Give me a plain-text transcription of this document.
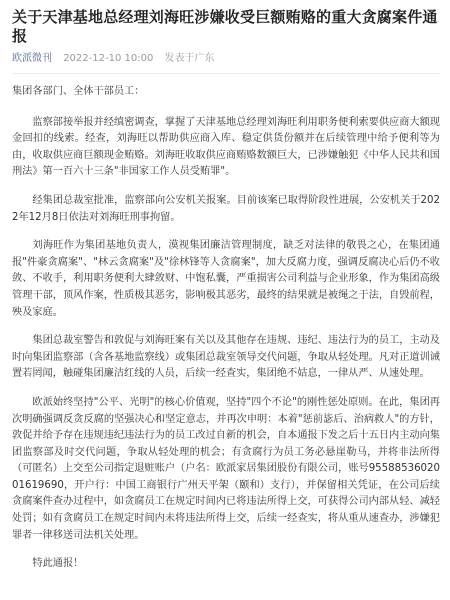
关于天津基地总经理刘海旺涉嫌收受巨额贿赂的重大贪腐案件通报
欧派微刊 2022-12-10 10:00 发表于广东

集团各部门、全体干部员工：

监察部接举报并经缜密调查，掌握了天津基地总经理刘海旺利用职务便利索要供应商大额现金回扣的线索。经查，刘海旺以帮助供应商入库、稳定供货份额并在后续管理中给予便利等为由，收取供应商巨额现金贿赂。刘海旺收取供应商贿赂数额巨大，已涉嫌触犯《中华人民共和国刑法》第一百六十三条"非国家工作人员受贿罪"。

经集团总裁室批准，监察部向公安机关报案。目前该案已取得阶段性进展，公安机关于2022年12月8日依法对刘海旺刑事拘留。

刘海旺作为集团基地负责人，漠视集团廉洁管理制度，缺乏对法律的敬畏之心，在集团通报"件豪贪腐案"、"林云贪腐案"及"徐林锋等人贪腐案"，加大反腐力度，强调反腐决心后仍不收敛、不收手，利用职务便利大肆敛财、中饱私囊，严重损害公司利益与企业形象，作为集团高级管理干部，顶风作案，性质极其恶劣，影响极其恶劣，最终的结果就是被绳之于法，自毁前程，殃及家庭。

集团总裁室警告和敦促与刘海旺案有关以及其他存在违规、违纪、违法行为的员工，主动及时向集团监察部（含各基地监察线）或集团总裁室领导交代问题，争取从轻处理。凡对正道训诫置若罔闻，触碰集团廉洁红线的人员，后续一经查实，集团绝不姑息，一律从严、从速处理。

欧派始终坚持"公平、光明"的核心价值观，坚持"四个不论"的刚性惩处原则。在此，集团再次明确强调反贪反腐的坚强决心和坚定意志，并再次申明：本着"惩前毖后、治病救人"的方针，敦促并给予存在违规违纪违法行为的员工改过自新的机会，自本通报下发之后十五日内主动向集团监察部及时交代问题，争取从轻处理的机会；有贪腐行为员工务必悬崖勒马，并将非法所得（可匿名）上交至公司指定退赃账户（户名：欧派家居集团股份有限公司，账号9558853602001619690，开户行：中国工商银行广州天平架（颐和）支行），并保留相关凭证，在公司后续贪腐案件查办过程中，如贪腐员工在规定时间内已将违法所得上交，可获得公司内部从轻、减轻处罚；如有贪腐员工在规定时间内未将违法所得上交，后续一经查实，将从重从速查办，涉嫌犯罪者一律移送司法机关处理。

特此通报！
